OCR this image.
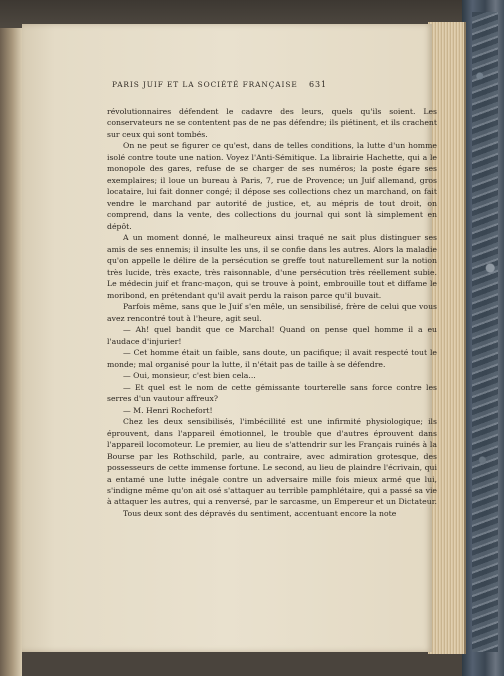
PARIS JUIF ET LA SOCIÉTÉ FRANÇAISE 631

révolutionnaires défendent le cadavre des leurs, quels qu'ils soient. Les conservateurs ne se contentent pas de ne pas défendre; ils piétinent, et ils crachent sur ceux qui sont tombés.

On ne peut se figurer ce qu'est, dans de telles conditions, la lutte d'un homme isolé contre toute une nation. Voyez l'Anti-Sémitique. La librairie Hachette, qui a le monopole des gares, refuse de se charger de ses numéros; la poste égare ses exemplaires; il loue un bureau à Paris, 7, rue de Provence; un Juif allemand, gros locataire, lui fait donner congé; il dépose ses collections chez un marchand, on fait vendre le marchand par autorité de justice, et, au mépris de tout droit, on comprend, dans la vente, des collections du journal qui sont là simplement en dépôt.

A un moment donné, le malheureux ainsi traqué ne sait plus distinguer ses amis de ses ennemis; il insulte les uns, il se confie dans les autres. Alors la maladie qu'on appelle le délire de la persécution se greffe tout naturellement sur la notion très lucide, très exacte, très raisonnable, d'une persécution très réellement subie. Le médecin juif et franc-maçon, qui se trouve à point, embrouille tout et diffame le moribond, en prétendant qu'il avait perdu la raison parce qu'il buvait.

Parfois même, sans que le Juif s'en mêle, un sensibilisé, frère de celui que vous avez rencontré tout à l'heure, agit seul.

— Ah! quel bandit que ce Marchal! Quand on pense quel homme il a eu l'audace d'injurier!

— Cet homme était un faible, sans doute, un pacifique; il avait respecté tout le monde; mal organisé pour la lutte, il n'était pas de taille à se défendre.

— Oui, monsieur, c'est bien cela...

— Et quel est le nom de cette gémissante tourterelle sans force contre les serres d'un vautour affreux?

— M. Henri Rochefort!

Chez les deux sensibilisés, l'imbécillité est une infirmité physiologique; ils éprouvent, dans l'appareil émotionnel, le trouble que d'autres éprouvent dans l'appareil locomoteur. Le premier, au lieu de s'attendrir sur les Français ruinés à la Bourse par les Rothschild, parle, au contraire, avec admiration grotesque, des possesseurs de cette immense fortune. Le second, au lieu de plaindre l'écrivain, qui a entamé une lutte inégale contre un adversaire mille fois mieux armé que lui, s'indigne même qu'on ait osé s'attaquer au terrible pamphlétaire, qui a passé sa vie à attaquer les autres, qui a renversé, par le sarcasme, un Empereur et un Dictateur.

Tous deux sont des dépravés du sentiment, accentuant encore la note
